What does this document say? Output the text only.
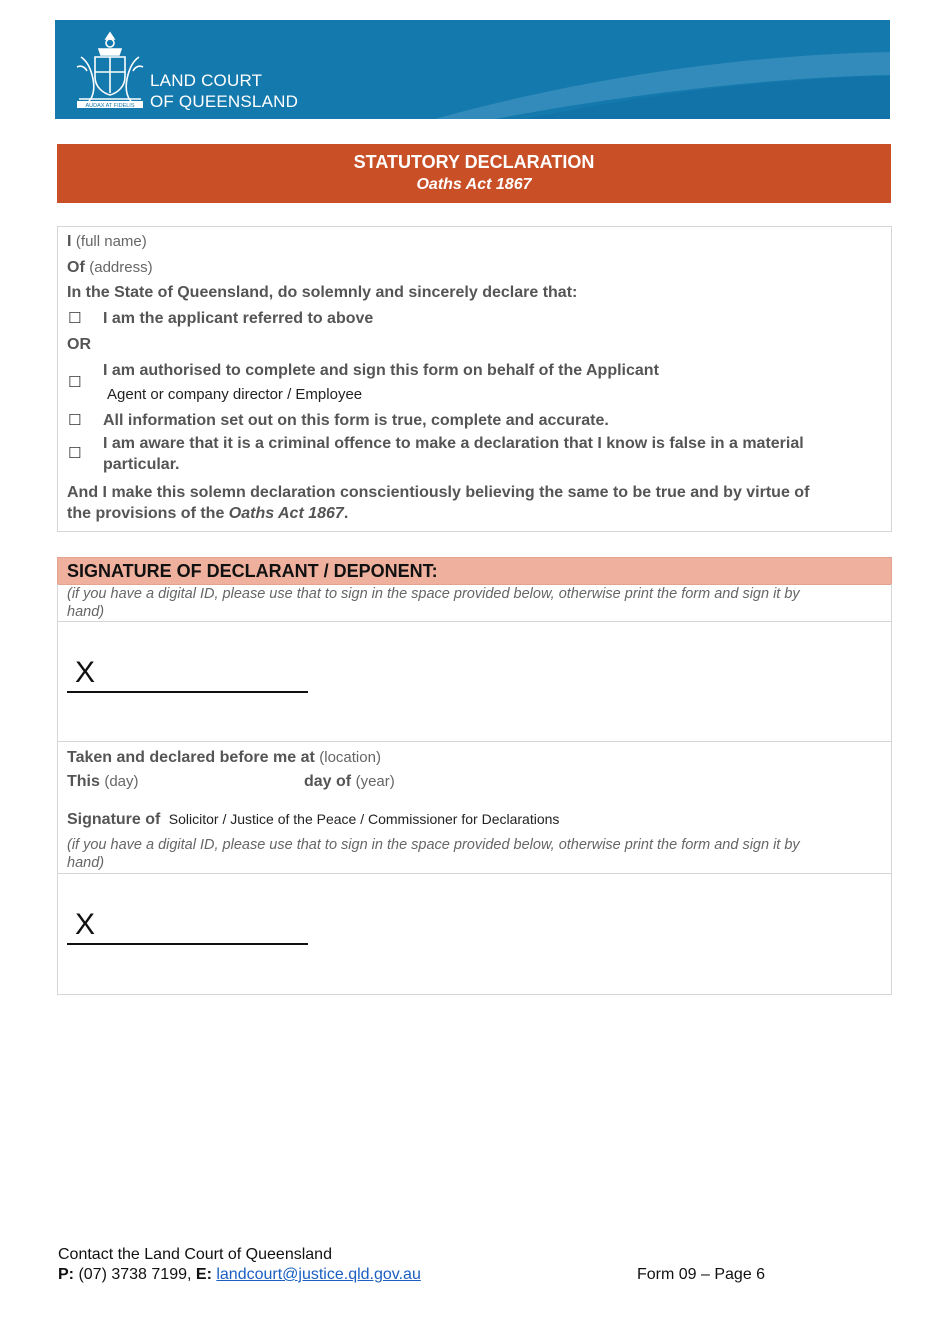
AUDAX AT FIDELIS
LAND COURT
OF QUEENSLAND
STATUTORY DECLARATION
Oaths Act 1867
I (full name)
Of (address)
In the State of Queensland, do solemnly and sincerely declare that:
☐ I am the applicant referred to above
OR
☐
I am authorised to complete and sign this form on behalf of the Applicant
Agent or company director / Employee
☐ All information set out on this form is true, complete and accurate.
☐
I am aware that it is a criminal offence to make a declaration that I know is false in a material
particular.
And I make this solemn declaration conscientiously believing the same to be true and by virtue of
the provisions of the Oaths Act 1867.
SIGNATURE OF DECLARANT / DEPONENT:
(if you have a digital ID, please use that to sign in the space provided below, otherwise print the form and sign it by
hand)
X
Taken and declared before me at (location)
This (day)	day of (year)
Signature of Solicitor / Justice of the Peace / Commissioner for Declarations
(if you have a digital ID, please use that to sign in the space provided below, otherwise print the form and sign it by
hand)
X
Contact the Land Court of Queensland
P: (07) 3738 7199, E: landcourt@justice.qld.gov.au	Form 09 – Page 6
